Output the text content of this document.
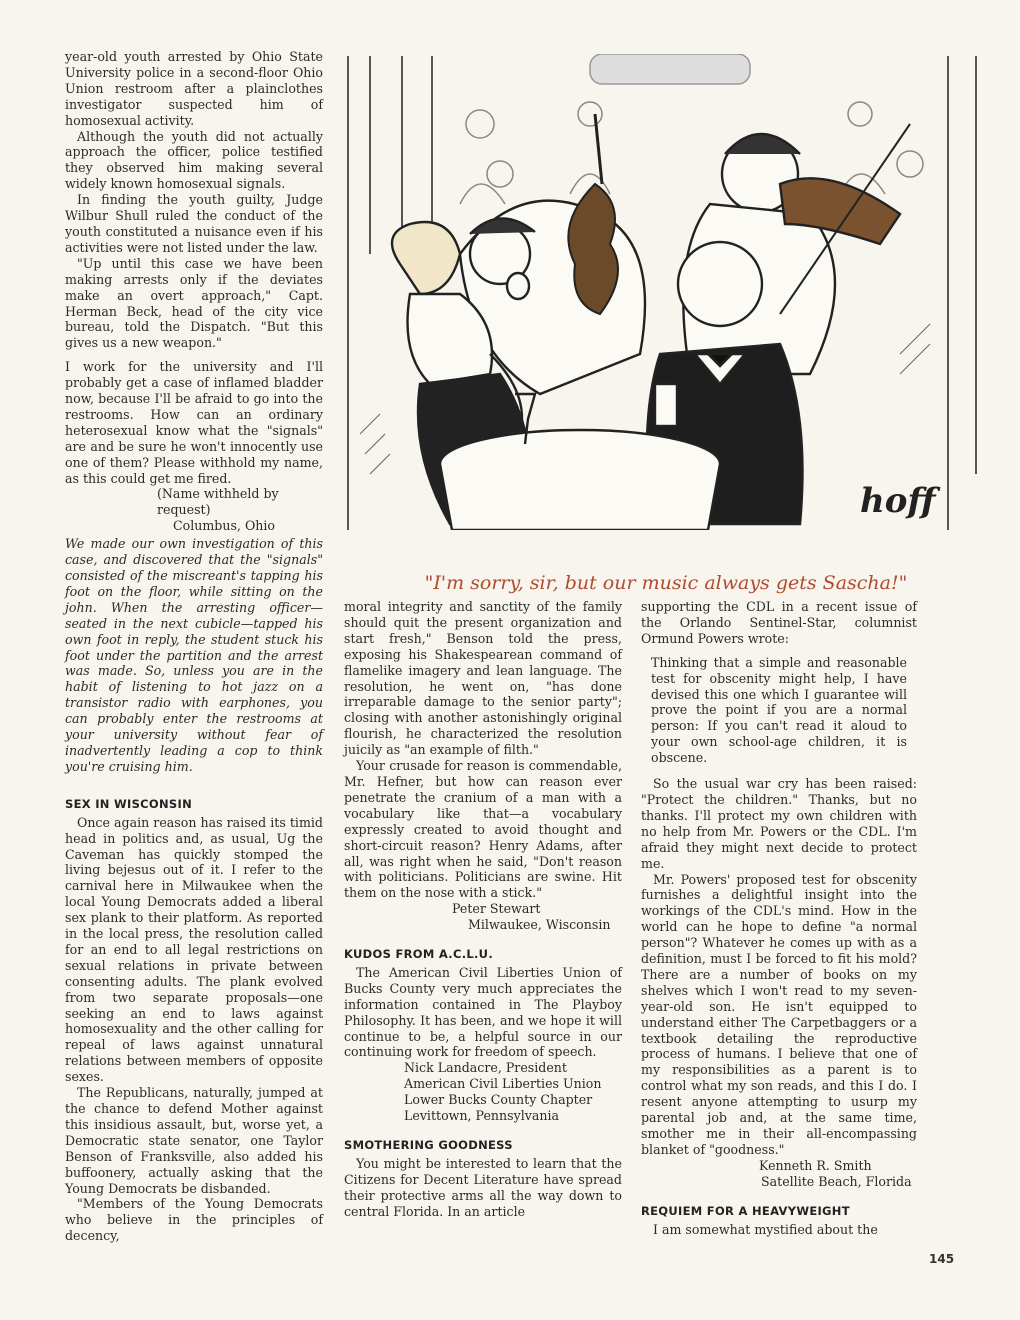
year-old youth arrested by Ohio State University police in a second-floor Ohio Union restroom after a plainclothes investigator suspected him of homosexual activity.

Although the youth did not actually approach the officer, police testified they observed him making several widely known homosexual signals.

In finding the youth guilty, Judge Wilbur Shull ruled the conduct of the youth constituted a nuisance even if his activities were not listed under the law.

"Up until this case we have been making arrests only if the deviates make an overt approach," Capt. Herman Beck, head of the city vice bureau, told the Dispatch. "But this gives us a new weapon."

I work for the university and I'll probably get a case of inflamed bladder now, because I'll be afraid to go into the restrooms. How can an ordinary heterosexual know what the "signals" are and be sure he won't innocently use one of them? Please withhold my name, as this could get me fired.

(Name withheld by request)

Columbus, Ohio

We made our own investigation of this case, and discovered that the "signals" consisted of the miscreant's tapping his foot on the floor, while sitting on the john. When the arresting officer—seated in the next cubicle—tapped his own foot in reply, the student stuck his foot under the partition and the arrest was made. So, unless you are in the habit of listening to hot jazz on a transistor radio with earphones, you can probably enter the restrooms at your university without fear of inadvertently leading a cop to think you're cruising him.

SEX IN WISCONSIN

Once again reason has raised its timid head in politics and, as usual, Ug the Caveman has quickly stomped the living bejesus out of it. I refer to the carnival here in Milwaukee when the local Young Democrats added a liberal sex plank to their platform. As reported in the local press, the resolution called for an end to all legal restrictions on sexual relations in private between consenting adults. The plank evolved from two separate proposals—one seeking an end to laws against homosexuality and the other calling for repeal of laws against unnatural relations between members of opposite sexes.

The Republicans, naturally, jumped at the chance to defend Mother against this insidious assault, but, worse yet, a Democratic state senator, one Taylor Benson of Franksville, also added his buffoonery, actually asking that the Young Democrats be disbanded.

"Members of the Young Democrats who believe in the principles of decency,

hoff
"I'm sorry, sir, but our music always gets Sascha!"

moral integrity and sanctity of the family should quit the present organization and start fresh," Benson told the press, exposing his Shakespearean command of flamelike imagery and lean language. The resolution, he went on, "has done irreparable damage to the senior party"; closing with another astonishingly original flourish, he characterized the resolution juicily as "an example of filth."

Your crusade for reason is commendable, Mr. Hefner, but how can reason ever penetrate the cranium of a man with a vocabulary like that—a vocabulary expressly created to avoid thought and short-circuit reason? Henry Adams, after all, was right when he said, "Don't reason with politicians. Politicians are swine. Hit them on the nose with a stick."

Peter Stewart

Milwaukee, Wisconsin

KUDOS FROM A.C.L.U.

The American Civil Liberties Union of Bucks County very much appreciates the information contained in The Playboy Philosophy. It has been, and we hope it will continue to be, a helpful source in our continuing work for freedom of speech.

Nick Landacre, President

American Civil Liberties Union

Lower Bucks County Chapter

Levittown, Pennsylvania

SMOTHERING GOODNESS

You might be interested to learn that the Citizens for Decent Literature have spread their protective arms all the way down to central Florida. In an article

supporting the CDL in a recent issue of the Orlando Sentinel-Star, columnist Ormund Powers wrote:

Thinking that a simple and reasonable test for obscenity might help, I have devised this one which I guarantee will prove the point if you are a normal person: If you can't read it aloud to your own school-age children, it is obscene.

So the usual war cry has been raised: "Protect the children." Thanks, but no thanks. I'll protect my own children with no help from Mr. Powers or the CDL. I'm afraid they might next decide to protect me.

Mr. Powers' proposed test for obscenity furnishes a delightful insight into the workings of the CDL's mind. How in the world can he hope to define "a normal person"? Whatever he comes up with as a definition, must I be forced to fit his mold? There are a number of books on my shelves which I won't read to my seven-year-old son. He isn't equipped to understand either The Carpetbaggers or a textbook detailing the reproductive process of humans. I believe that one of my responsibilities as a parent is to control what my son reads, and this I do. I resent anyone attempting to usurp my parental job and, at the same time, smother me in their all-encompassing blanket of "goodness."

Kenneth R. Smith

Satellite Beach, Florida

REQUIEM FOR A HEAVYWEIGHT

I am somewhat mystified about the

145
